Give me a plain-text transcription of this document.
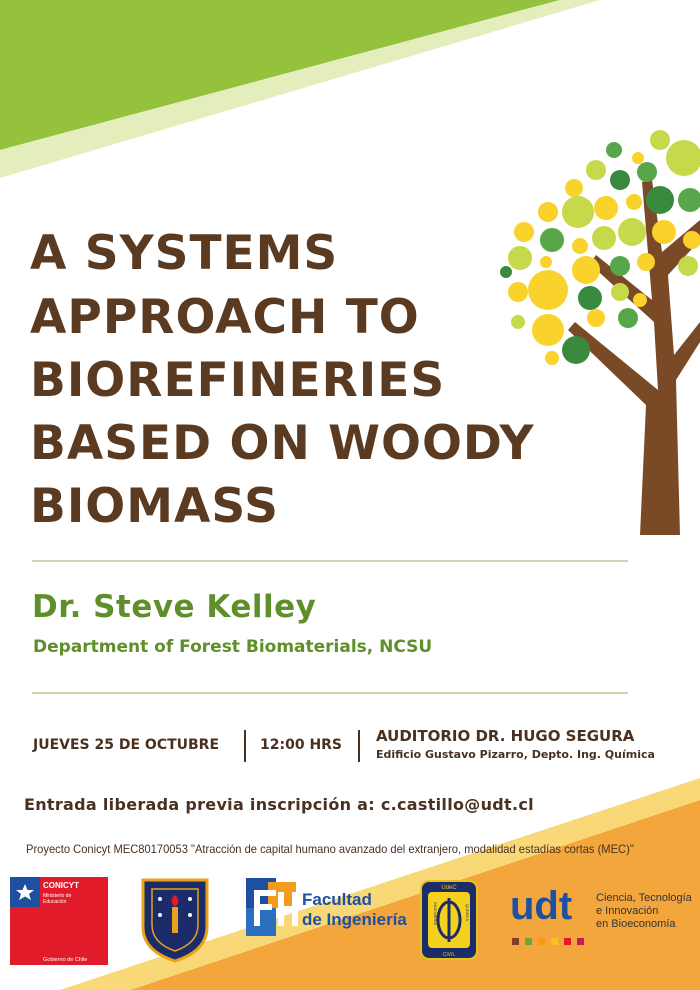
A SYSTEMS
APPROACH TO
BIOREFINERIES
BASED ON WOODY
BIOMASS
Dr. Steve Kelley
Department of Forest Biomaterials, NCSU
JUEVES 25 DE OCTUBRE	12:00 HRS AUDITORIO DR. HUGO SEGURA
Edificio Gustavo Pizarro, Depto. Ing. Química
Entrada liberada previa inscripción a: c.castillo@udt.cl
Proyecto Conicyt MEC80170053 "Atracción de capital humano avanzado del extranjero, modalidad estadías cortas (MEC)"
CONICYT
Ministerio de
Educación
Gobierno de Chile
Facultad
de Ingeniería
UdeC
CIVIL
INGENIERÍA	QUÍMICA udt Ciencia, Tecnología
e Innovación
en Bioeconomía
